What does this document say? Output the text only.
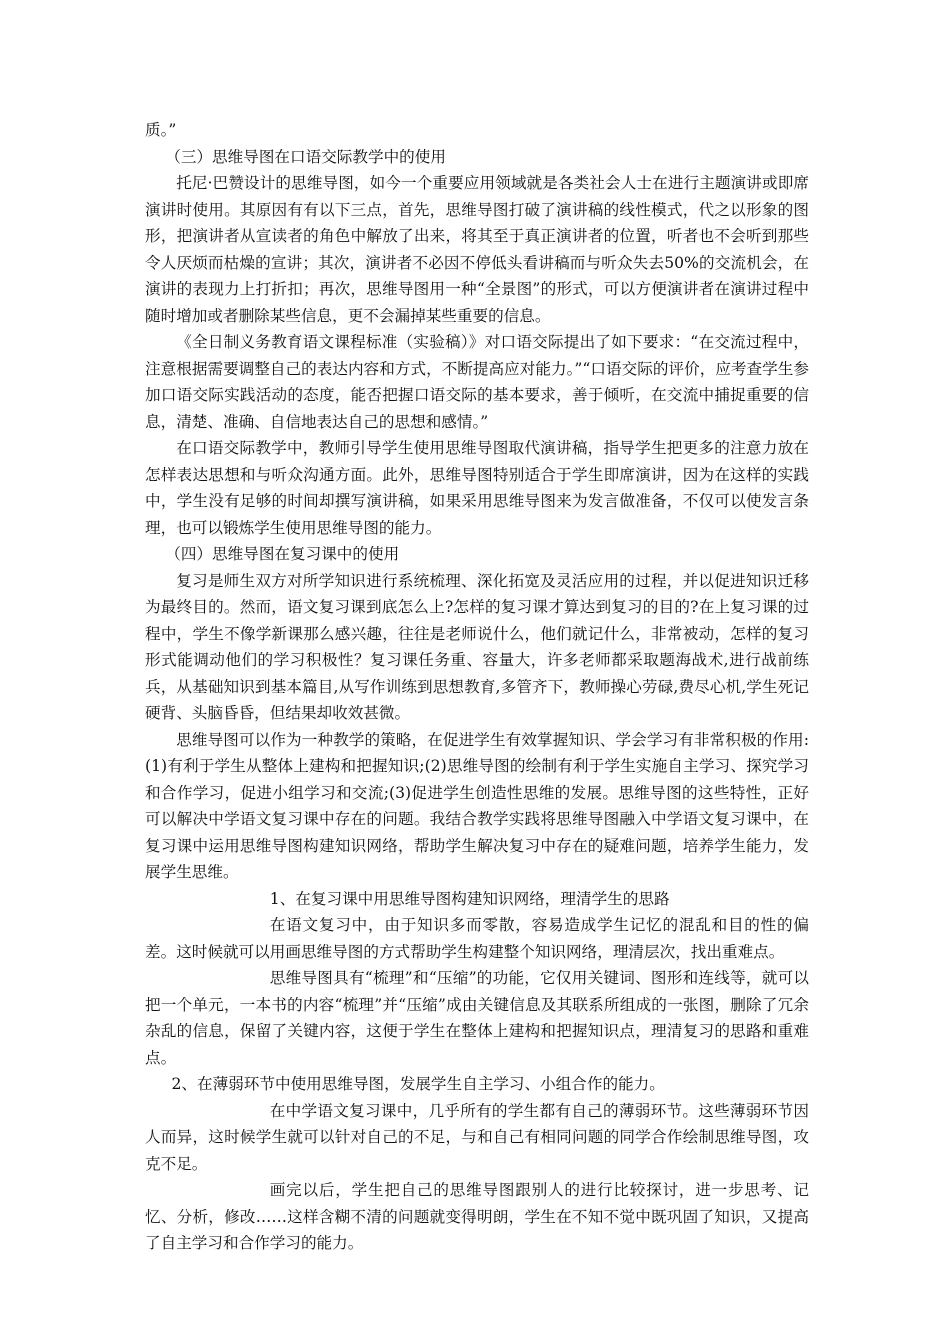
质。”

（三）思维导图在口语交际教学中的使用

托尼·巴赞设计的思维导图，如今一个重要应用领域就是各类社会人士在进行主题演讲或即席演讲时使用。其原因有有以下三点，首先，思维导图打破了演讲稿的线性模式，代之以形象的图形，把演讲者从宣读者的角色中解放了出来，将其至于真正演讲者的位置，听者也不会听到那些令人厌烦而枯燥的宣讲；其次，演讲者不必因不停低头看讲稿而与听众失去50%的交流机会，在演讲的表现力上打折扣；再次，思维导图用一种“全景图”的形式，可以方便演讲者在演讲过程中随时增加或者删除某些信息，更不会漏掉某些重要的信息。

《全日制义务教育语文课程标准（实验稿）》对口语交际提出了如下要求：“在交流过程中，注意根据需要调整自己的表达内容和方式，不断提高应对能力。”“口语交际的评价，应考查学生参加口语交际实践活动的态度，能否把握口语交际的基本要求，善于倾听，在交流中捕捉重要的信息，清楚、准确、自信地表达自己的思想和感情。”

在口语交际教学中，教师引导学生使用思维导图取代演讲稿，指导学生把更多的注意力放在怎样表达思想和与听众沟通方面。此外，思维导图特别适合于学生即席演讲，因为在这样的实践中，学生没有足够的时间却撰写演讲稿，如果采用思维导图来为发言做准备，不仅可以使发言条理，也可以锻炼学生使用思维导图的能力。

（四）思维导图在复习课中的使用

复习是师生双方对所学知识进行系统梳理、深化拓宽及灵活应用的过程，并以促进知识迁移为最终目的。然而，语文复习课到底怎么上?怎样的复习课才算达到复习的目的?在上复习课的过程中，学生不像学新课那么感兴趣，往往是老师说什么，他们就记什么，非常被动，怎样的复习形式能调动他们的学习积极性？复习课任务重、容量大，许多老师都采取题海战术,进行战前练兵，从基础知识到基本篇目,从写作训练到思想教育,多管齐下，教师操心劳碌,费尽心机,学生死记硬背、头脑昏昏，但结果却收效甚微。

思维导图可以作为一种教学的策略，在促进学生有效掌握知识、学会学习有非常积极的作用:(1)有利于学生从整体上建构和把握知识;(2)思维导图的绘制有利于学生实施自主学习、探究学习和合作学习，促进小组学习和交流;(3)促进学生创造性思维的发展。思维导图的这些特性，正好可以解决中学语文复习课中存在的问题。我结合教学实践将思维导图融入中学语文复习课中，在复习课中运用思维导图构建知识网络，帮助学生解决复习中存在的疑难问题，培养学生能力，发展学生思维。

1、在复习课中用思维导图构建知识网络，理清学生的思路

在语文复习中，由于知识多而零散，容易造成学生记忆的混乱和目的性的偏差。这时候就可以用画思维导图的方式帮助学生构建整个知识网络，理清层次，找出重难点。

思维导图具有“梳理”和“压缩”的功能，它仅用关键词、图形和连线等，就可以把一个单元，一本书的内容“梳理”并“压缩”成由关键信息及其联系所组成的一张图，删除了冗余杂乱的信息，保留了关键内容，这便于学生在整体上建构和把握知识点，理清复习的思路和重难点。

2、在薄弱环节中使用思维导图，发展学生自主学习、小组合作的能力。

在中学语文复习课中，几乎所有的学生都有自己的薄弱环节。这些薄弱环节因人而异，这时候学生就可以针对自己的不足，与和自己有相同问题的同学合作绘制思维导图，攻克不足。

画完以后，学生把自己的思维导图跟别人的进行比较探讨，进一步思考、记忆、分析，修改……这样含糊不清的问题就变得明朗，学生在不知不觉中既巩固了知识，又提高了自主学习和合作学习的能力。
